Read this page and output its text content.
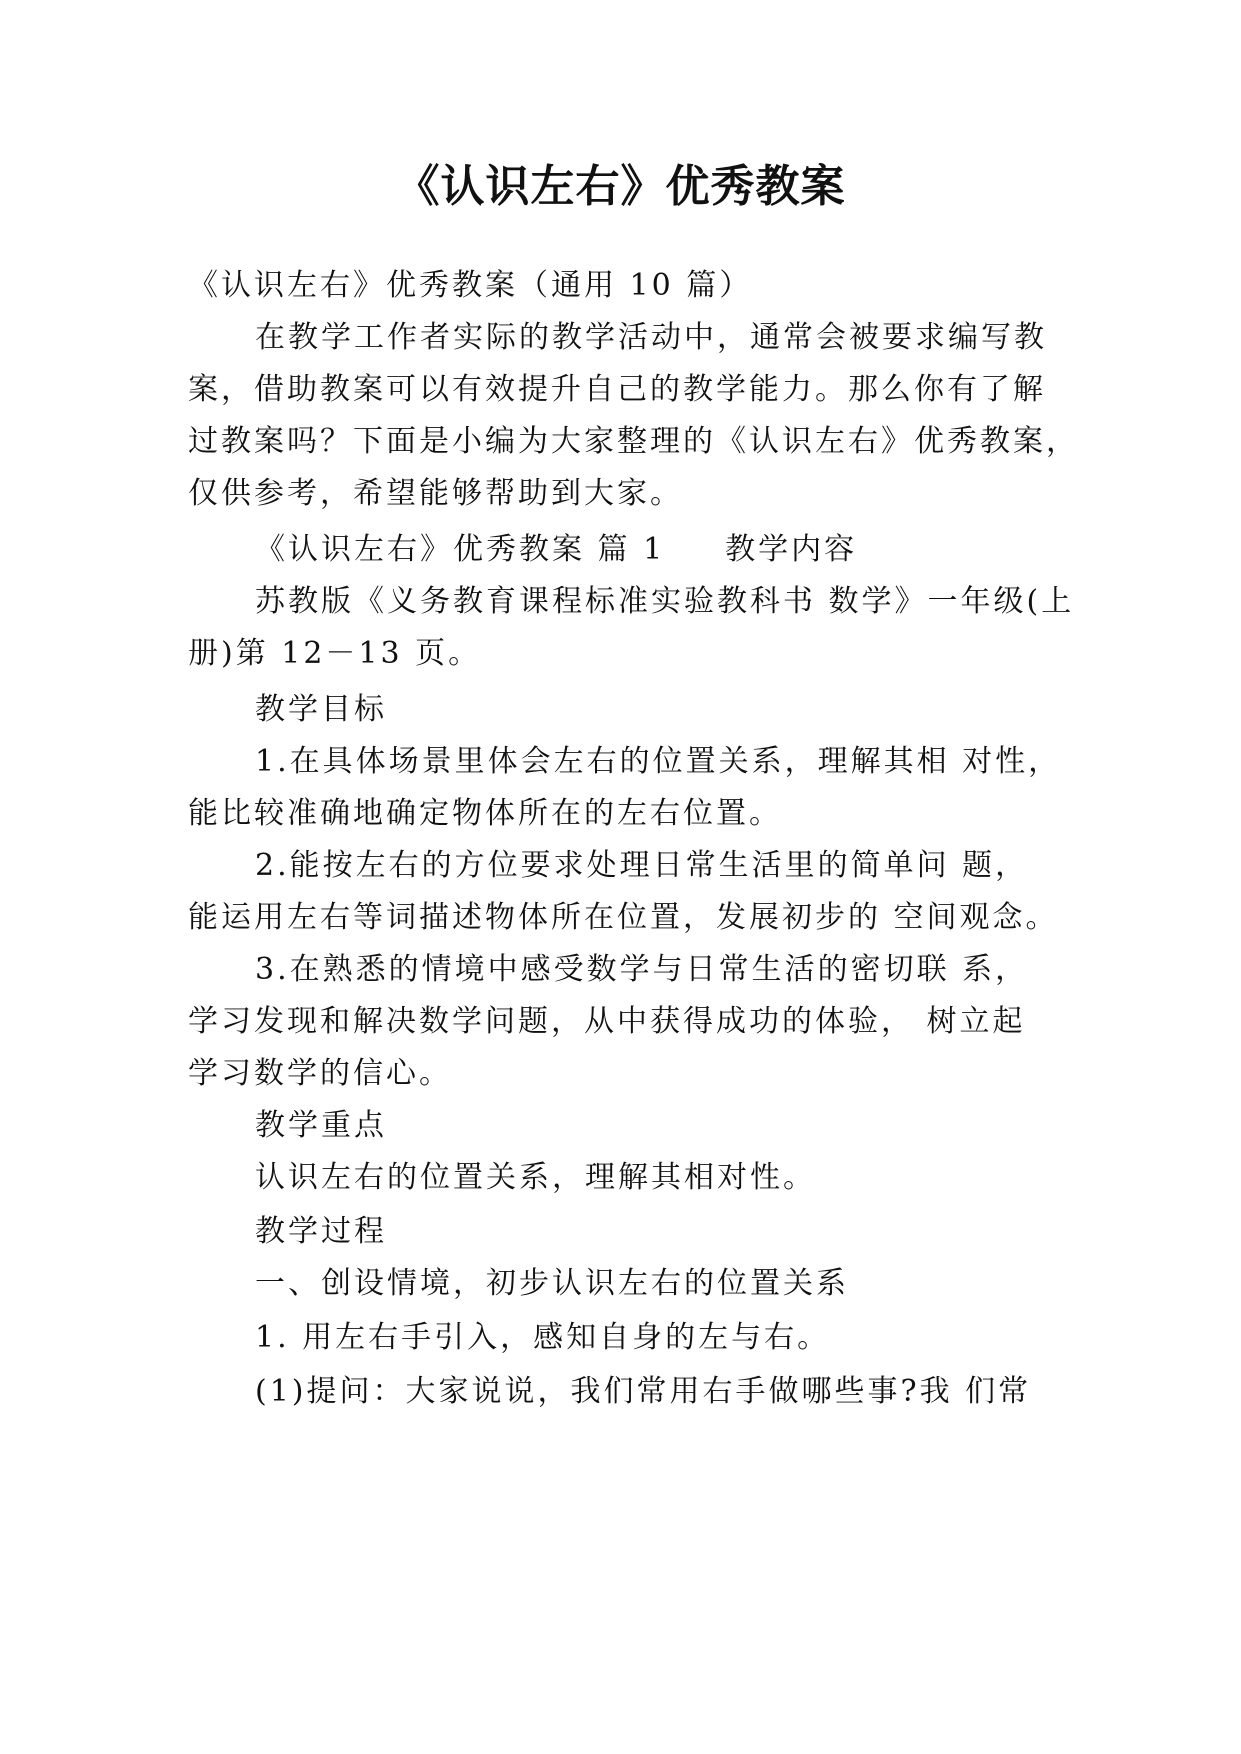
《认识左右》优秀教案

《认识左右》优秀教案（通用 10 篇）

在教学工作者实际的教学活动中，通常会被要求编写教

案，借助教案可以有效提升自己的教学能力。那么你有了解

过教案吗？下面是小编为大家整理的《认识左右》优秀教案，

仅供参考，希望能够帮助到大家。

《认识左右》优秀教案 篇 1 教学内容

苏教版《义务教育课程标准实验教科书 数学》一年级(上

册)第 12－13 页。

教学目标

1.在具体场景里体会左右的位置关系，理解其相 对性，

能比较准确地确定物体所在的左右位置。

2.能按左右的方位要求处理日常生活里的简单问 题，

能运用左右等词描述物体所在位置，发展初步的 空间观念。

3.在熟悉的情境中感受数学与日常生活的密切联 系，

学习发现和解决数学问题，从中获得成功的体验， 树立起

学习数学的信心。

教学重点

认识左右的位置关系，理解其相对性。

教学过程

一、创设情境，初步认识左右的位置关系

1. 用左右手引入，感知自身的左与右。

(1)提问：大家说说，我们常用右手做哪些事?我 们常
